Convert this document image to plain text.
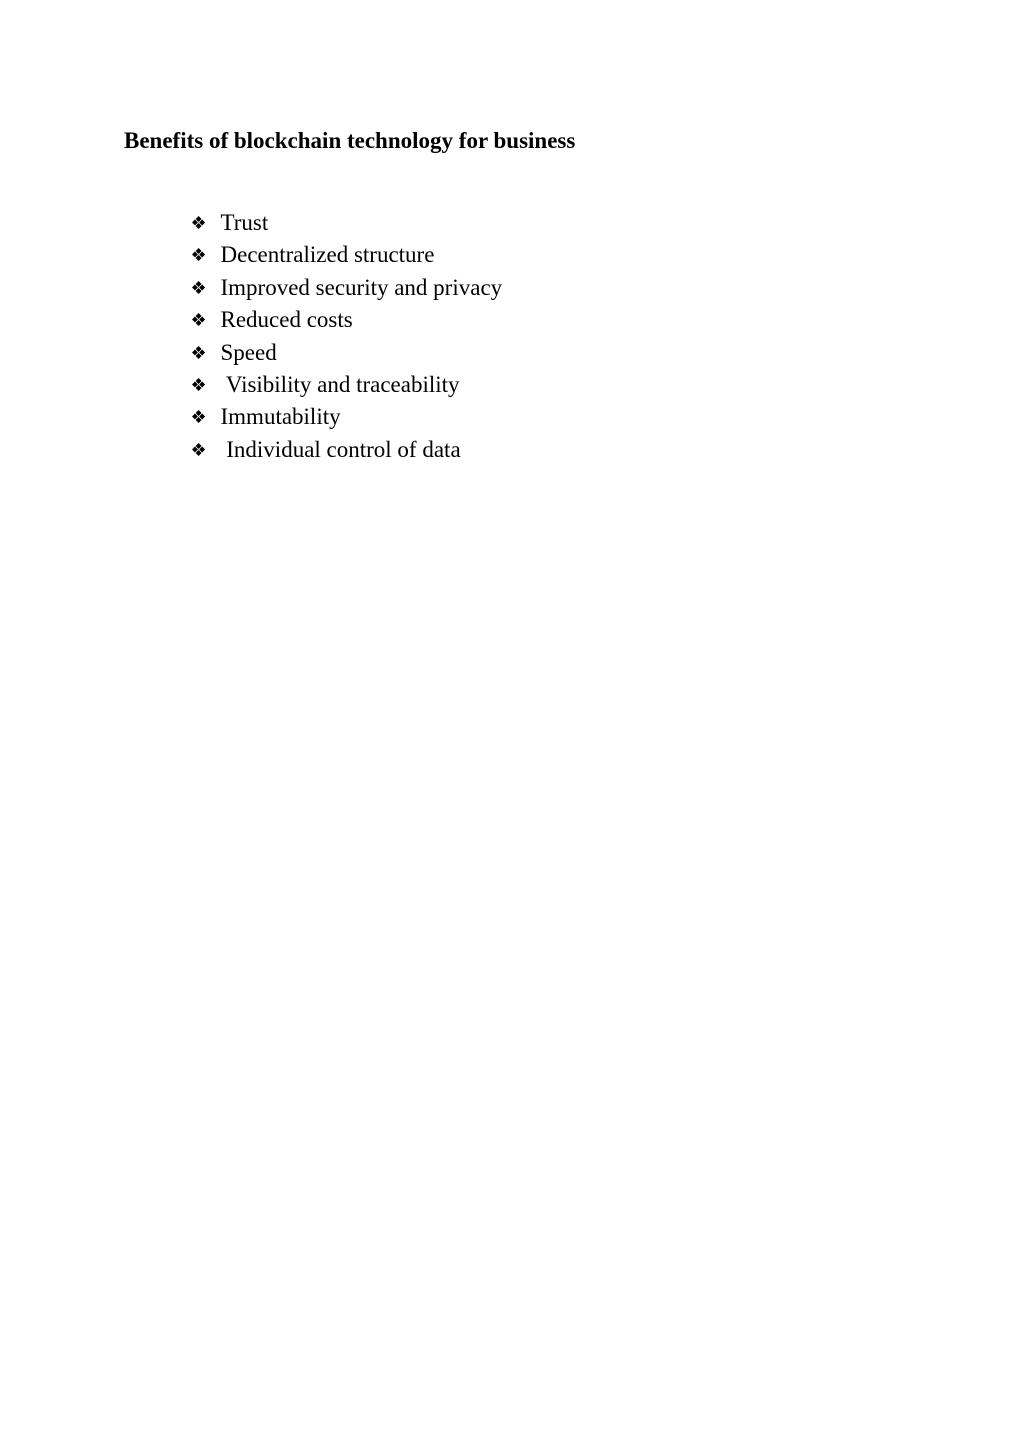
Benefits of blockchain technology for business

❖ Trust

❖ Decentralized structure

❖ Improved security and privacy

❖ Reduced costs

❖ Speed

❖ Visibility and traceability

❖ Immutability

❖ Individual control of data
